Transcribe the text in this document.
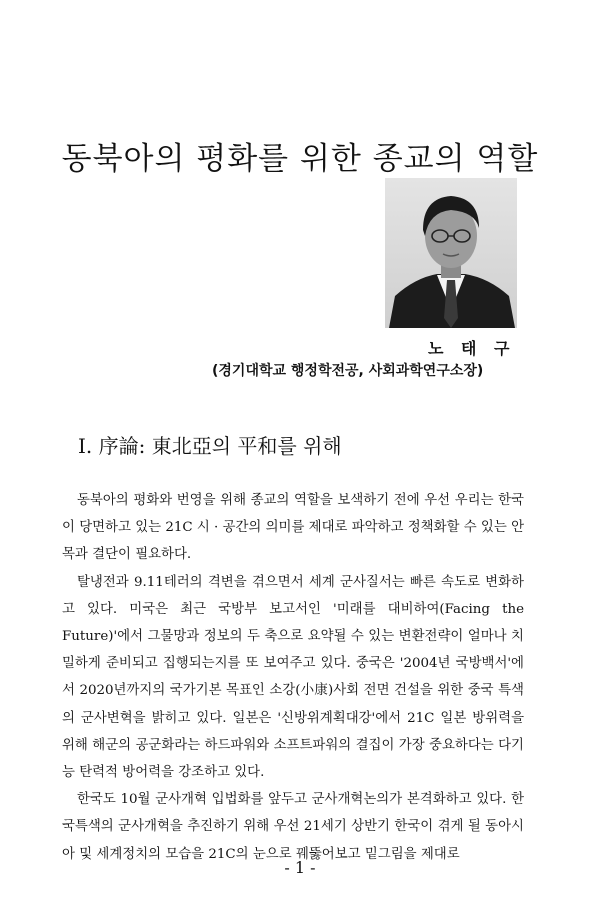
동북아의 평화를 위한 종교의 역할
노 태 구
(경기대학교 행정학전공, 사회과학연구소장)
Ⅰ. 序論: 東北亞의 平和를 위해

동북아의 평화와 번영을 위해 종교의 역할을 보색하기 전에 우선 우리는 한국이 당면하고 있는 21C 시 · 공간의 의미를 제대로 파악하고 정책화할 수 있는 안목과 결단이 필요하다.

탈냉전과 9.11테러의 격변을 겪으면서 세계 군사질서는 빠른 속도로 변화하고 있다. 미국은 최근 국방부 보고서인 '미래를 대비하여(Facing the Future)'에서 그물망과 정보의 두 축으로 요약될 수 있는 변환전략이 얼마나 치밀하게 준비되고 집행되는지를 또 보여주고 있다. 중국은 '2004년 국방백서'에서 2020년까지의 국가기본 목표인 소강(小康)사회 전면 건설을 위한 중국 특색의 군사변혁을 밝히고 있다. 일본은 '신방위계획대강'에서 21C 일본 방위력을 위해 해군의 공군화라는 하드파워와 소프트파워의 결집이 가장 중요하다는 다기능 탄력적 방어력을 강조하고 있다.

한국도 10월 군사개혁 입법화를 앞두고 군사개혁논의가 본격화하고 있다. 한국특색의 군사개혁을 추진하기 위해 우선 21세기 상반기 한국이 겪게 될 동아시아 및 세계정치의 모습을 21C의 눈으로 꿰뚫어보고 밑그림을 제대로

- 1 -
